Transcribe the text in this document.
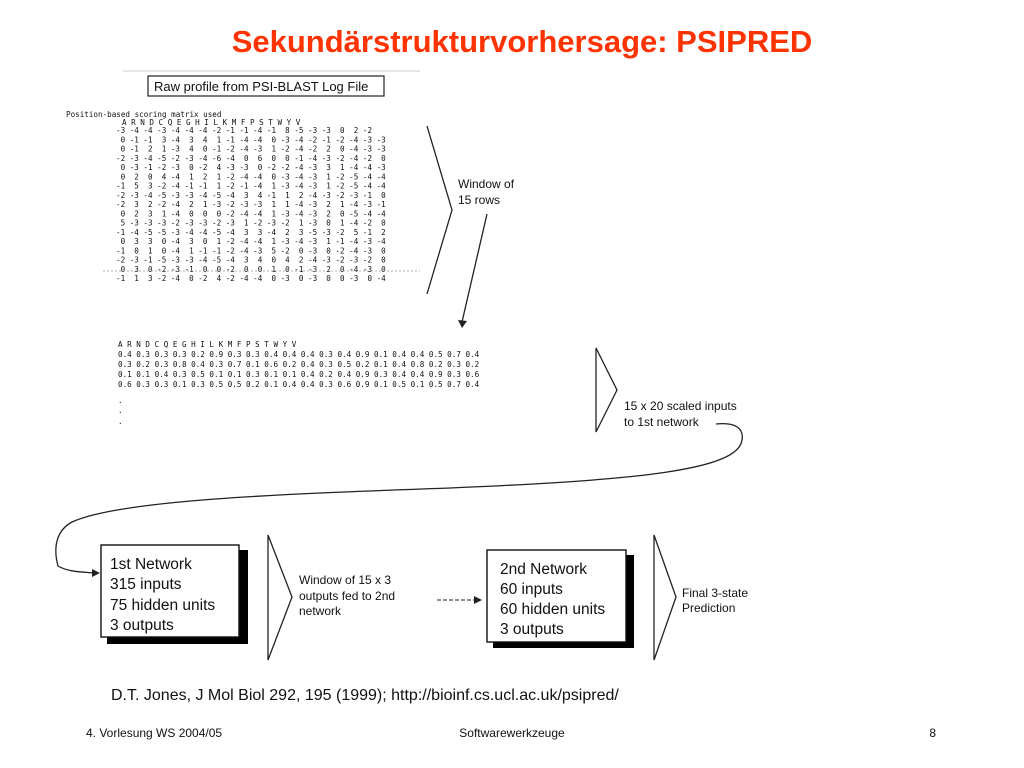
Sekundärstrukturvorhersage: PSIPRED
Raw profile from PSI-BLAST Log File
Position-based scoring matrix used
A R N D C Q E G H I L K M F P S T W Y V
-3 -4 -4 -3 -4 -4 -4 -2 -1 -1 -4 -1  8 -5 -3 -3  0  2 -2
0 -1 -1  3 -4  3  4  1 -1 -4 -4  0 -3 -4 -2 -1 -2 -4 -3 -3
0 -1  2  1 -3  4  0 -1 -2 -4 -3  1 -2 -4 -2  2  0 -4 -3 -3
-2 -3 -4 -5 -2 -3 -4 -6 -4  0  6  0  0 -1 -4 -3 -2 -4 -2  0
0 -3 -1 -2 -3  0 -2  4 -3 -3  0 -2 -2 -4 -3  3  1 -4 -4 -3
0  2  0  4 -4  1  2  1 -2 -4 -4  0 -3 -4 -3  1 -2 -5 -4 -4
-1  5  3 -2 -4 -1 -1  1 -2 -1 -4  1 -3 -4 -3  1 -2 -5 -4 -4
-2 -3 -4 -5 -3 -3 -4 -5 -4  3  4 -1  1  2 -4 -3 -2 -3 -1  0
-2  3  2 -2 -4  2  1 -3 -2 -3 -3  1  1 -4 -3  2  1 -4 -3 -1
0  2  3  1 -4  0  0  0 -2 -4 -4  1 -3 -4 -3  2  0 -5 -4 -4
5 -3 -3 -3 -2 -3 -3 -2 -3  1 -2 -3 -2  1 -3  0  1 -4 -2  0
-1 -4 -5 -5 -3 -4 -4 -5 -4  3  3 -4  2  3 -5 -3 -2  5 -1  2
0  3  3  0 -4  3  0  1 -2 -4 -4  1 -3 -4 -3  1 -1 -4 -3 -4
-1  0  1  0 -4  1 -1 -1 -2 -4 -3  5 -2  0 -3  0 -2 -4 -3  0
-2 -3 -1 -5 -3 -3 -4 -5 -4  3  4  0  4  2 -4 -3 -2 -3 -2  0
0  3  0 -2 -3 -1  0  0 -2  0  0  1  0 -1 -3  2  0 -4 -3  0
-1  1  3 -2 -4  0 -2  4 -2 -4 -4  0 -3  0 -3  0  0 -3  0 -4
Window of
15 rows
A R N D C Q E G H I L K M F P S T W Y V
0.4 0.3 0.3 0.3 0.2 0.9 0.3 0.3 0.4 0.4 0.4 0.3 0.4 0.9 0.1 0.4 0.4 0.5 0.7 0.4
0.3 0.2 0.3 0.8 0.4 0.3 0.7 0.1 0.6 0.2 0.4 0.3 0.5 0.2 0.1 0.4 0.8 0.2 0.3 0.2
0.1 0.1 0.4 0.3 0.5 0.1 0.1 0.3 0.1 0.1 0.4 0.2 0.4 0.9 0.3 0.4 0.4 0.9 0.3 0.6
0.6 0.3 0.3 0.1 0.3 0.5 0.5 0.2 0.1 0.4 0.4 0.3 0.6 0.9 0.1 0.5 0.1 0.5 0.7 0.4
·
·
·
15 x 20 scaled inputs
to 1st network
1st Network
315 inputs
75 hidden units
3 outputs
Window of 15 x 3
outputs fed to 2nd
network
2nd Network
60 inputs
60 hidden units
3 outputs
Final 3-state
Prediction
D.T. Jones, J Mol Biol 292, 195 (1999); http://bioinf.cs.ucl.ac.uk/psipred/
4. Vorlesung WS 2004/05	Softwarewerkzeuge	8
